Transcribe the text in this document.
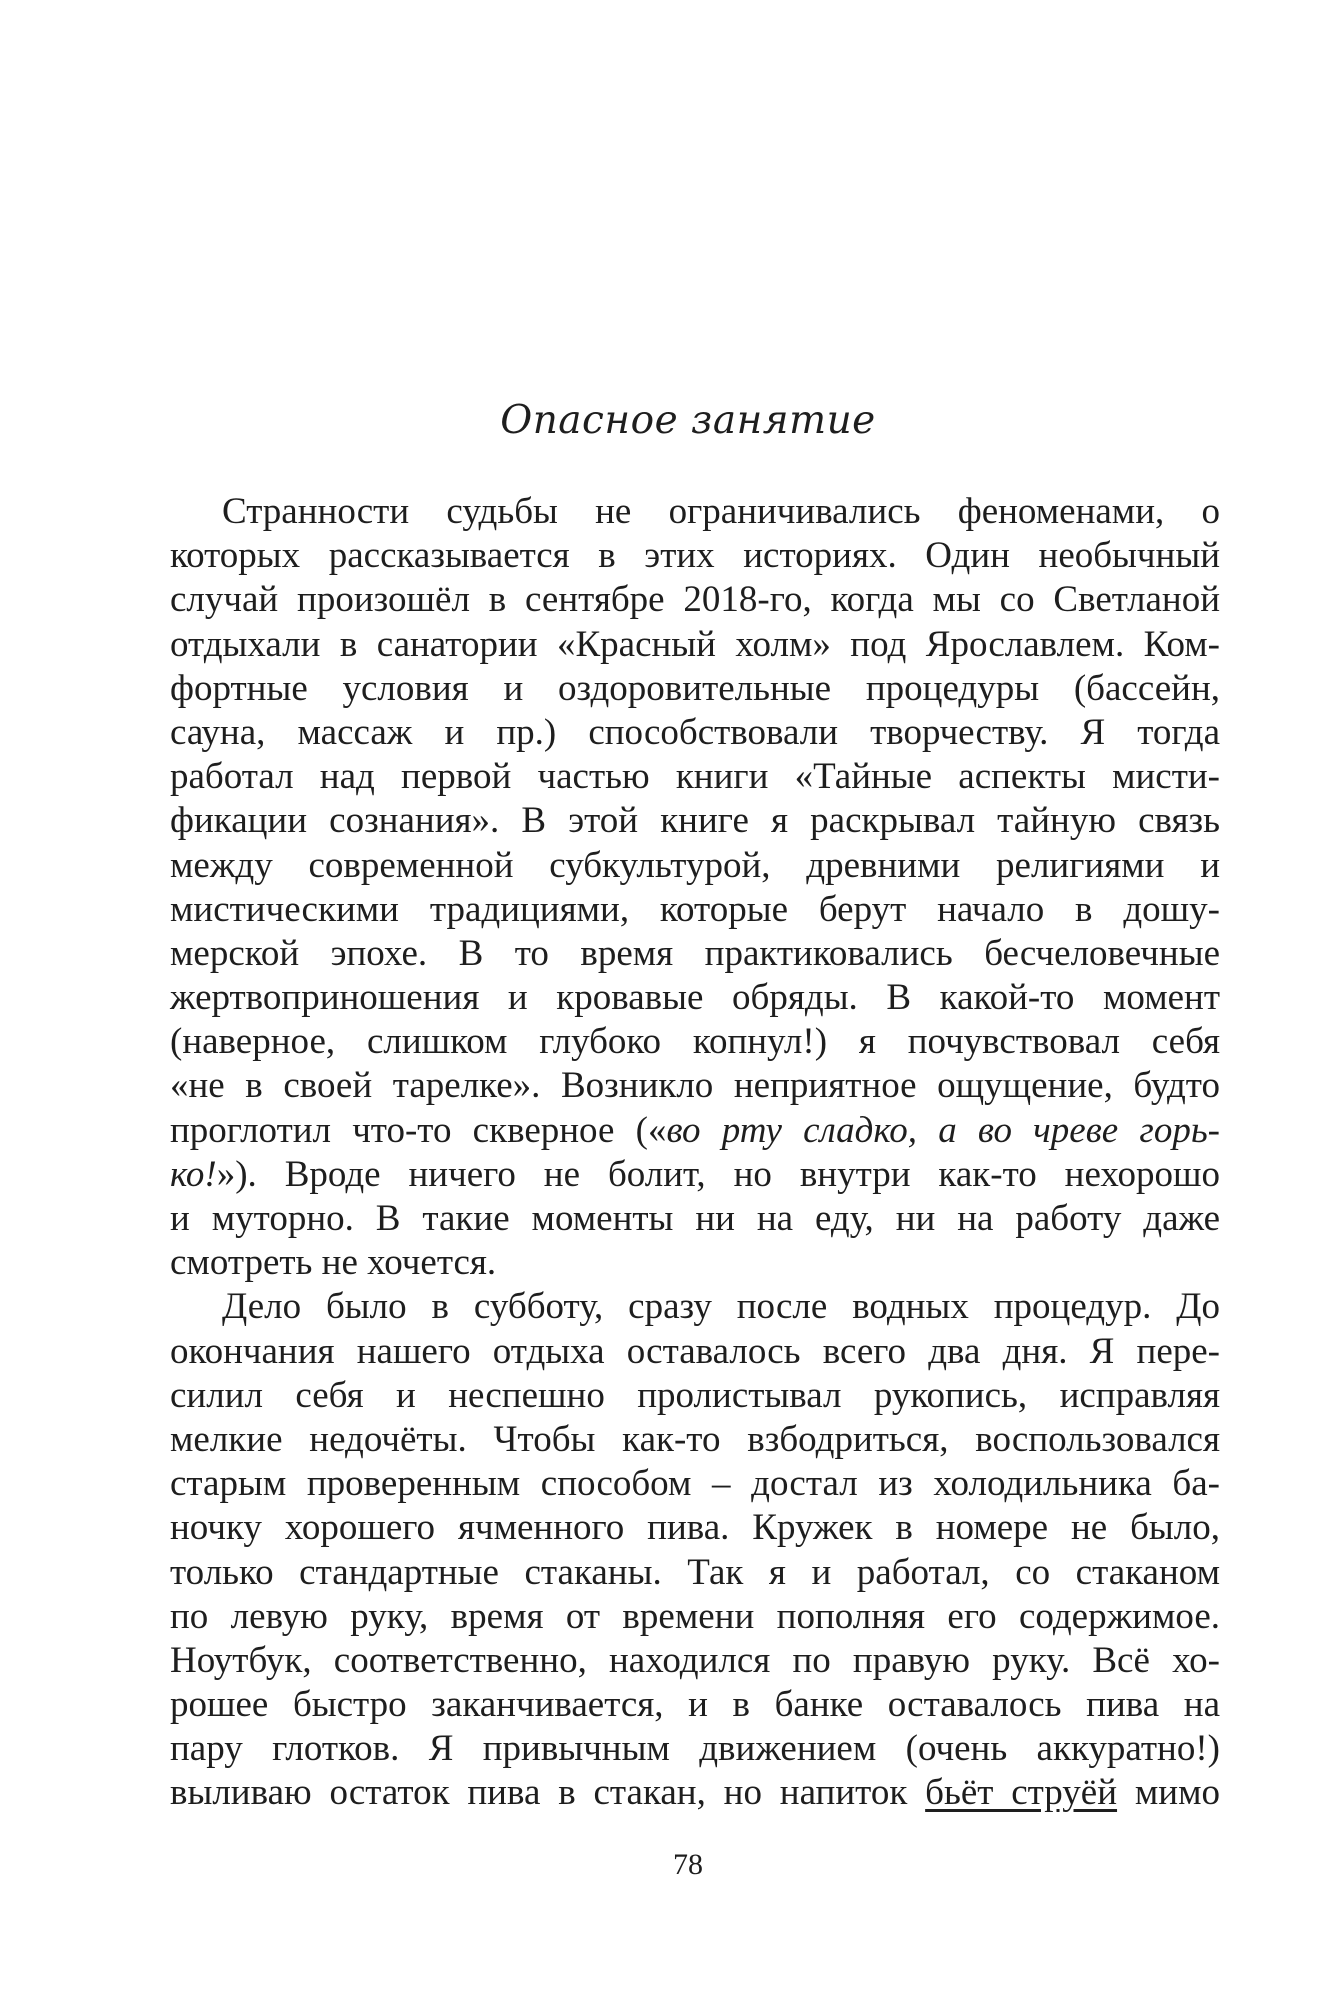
Опасное занятие
Странности судьбы не ограничивались феноменами, о
которых рассказывается в этих историях. Один необычный
случай произошёл в сентябре 2018-го, когда мы со Светланой
отдыхали в санатории «Красный холм» под Ярославлем. Ком-
фортные условия и оздоровительные процедуры (бассейн,
сауна, массаж и пр.) способствовали творчеству. Я тогда
работал над первой частью книги «Тайные аспекты мисти-
фикации сознания». В этой книге я раскрывал тайную связь
между современной субкультурой, древними религиями и
мистическими традициями, которые берут начало в дошу-
мерской эпохе. В то время практиковались бесчеловечные
жертвоприношения и кровавые обряды. В какой-то момент
(наверное, слишком глубоко копнул!) я почувствовал себя
«не в своей тарелке». Возникло неприятное ощущение, будто
проглотил что-то скверное («во рту сладко, а во чреве горь-
ко!»). Вроде ничего не болит, но внутри как-то нехорошо
и муторно. В такие моменты ни на еду, ни на работу даже
смотреть не хочется.
Дело было в субботу, сразу после водных процедур. До
окончания нашего отдыха оставалось всего два дня. Я пере-
силил себя и неспешно пролистывал рукопись, исправляя
мелкие недочёты. Чтобы как-то взбодриться, воспользовался
старым проверенным способом – достал из холодильника ба-
ночку хорошего ячменного пива. Кружек в номере не было,
только стандартные стаканы. Так я и работал, со стаканом
по левую руку, время от времени пополняя его содержимое.
Ноутбук, соответственно, находился по правую руку. Всё хо-
рошее быстро заканчивается, и в банке оставалось пива на
пару глотков. Я привычным движением (очень аккуратно!)
выливаю остаток пива в стакан, но напиток бьёт струёй мимо
78
